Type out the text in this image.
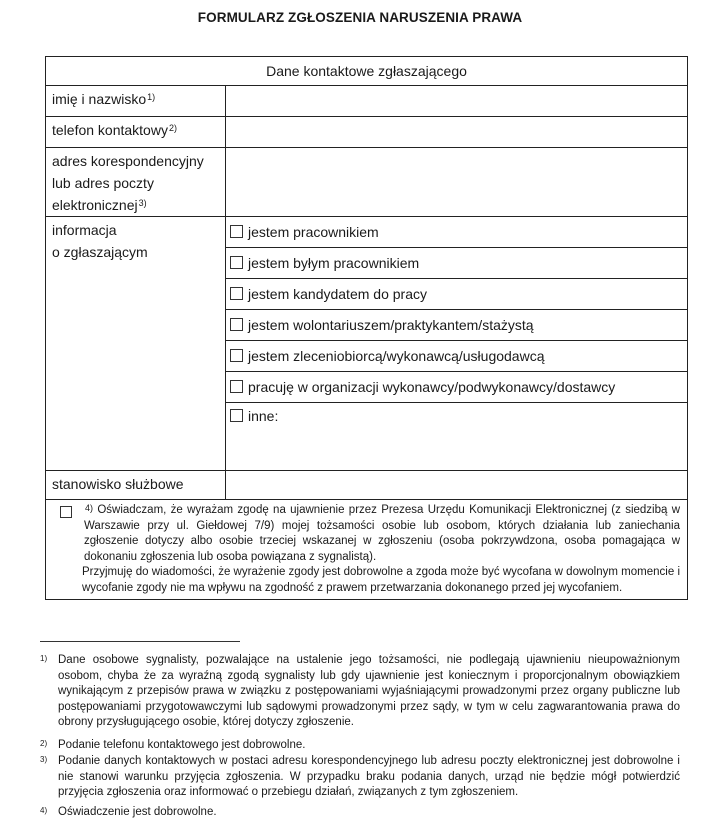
FORMULARZ ZGŁOSZENIA NARUSZENIA PRAWA
Dane kontaktowe zgłaszającego	
imię i nazwisko$^{1)}$	
telefon kontaktowy$^{2)}$	

adres korespondencyjny
lub adres poczty
elektronicznej$^{3)}$

informacja
o zgłaszającym	jestem pracownikiem
	jestem byłym pracownikiem
	jestem kandydatem do pracy
	jestem wolontariuszem/praktykantem/stażystą
	jestem zleceniobiorcą/wykonawcą/usługodawcą
	pracuję w organizacji wykonawcy/podwykonawcy/dostawcy
	inne:
stanowisko służbowe	

$^{4)}$ Oświadczam, że wyrażam zgodę na ujawnienie przez Prezesa Urzędu Komunikacji Elektronicznej (z siedzibą w Warszawie przy ul. Giełdowej 7/9) mojej tożsamości osobie lub osobom, których działania lub zaniechania zgłoszenie dotyczy albo osobie trzeciej wskazanej w zgłoszeniu (osoba pokrzywdzona, osoba pomagająca w dokonaniu zgłoszenia lub osoba powiązana z sygnalistą).

Przyjmuję do wiadomości, że wyrażenie zgody jest dobrowolne a zgoda może być wycofana w dowolnym momencie i wycofanie zgody nie ma wpływu na zgodność z prawem przetwarzania dokonanego przed jej wycofaniem.	

1) Dane osobowe sygnalisty, pozwalające na ustalenie jego tożsamości, nie podlegają ujawnieniu nieupoważnionym osobom, chyba że za wyraźną zgodą sygnalisty lub gdy ujawnienie jest koniecznym i proporcjonalnym obowiązkiem wynikającym z przepisów prawa w związku z postępowaniami wyjaśniającymi prowadzonymi przez organy publiczne lub postępowaniami przygotowawczymi lub sądowymi prowadzonymi przez sądy, w tym w celu zagwarantowania prawa do obrony przysługującego osobie, której dotyczy zgłoszenie.
2) Podanie telefonu kontaktowego jest dobrowolne.
3) Podanie danych kontaktowych w postaci adresu korespondencyjnego lub adresu poczty elektronicznej jest dobrowolne i nie stanowi warunku przyjęcia zgłoszenia. W przypadku braku podania danych, urząd nie będzie mógł potwierdzić przyjęcia zgłoszenia oraz informować o przebiegu działań, związanych z tym zgłoszeniem.
4) Oświadczenie jest dobrowolne.
